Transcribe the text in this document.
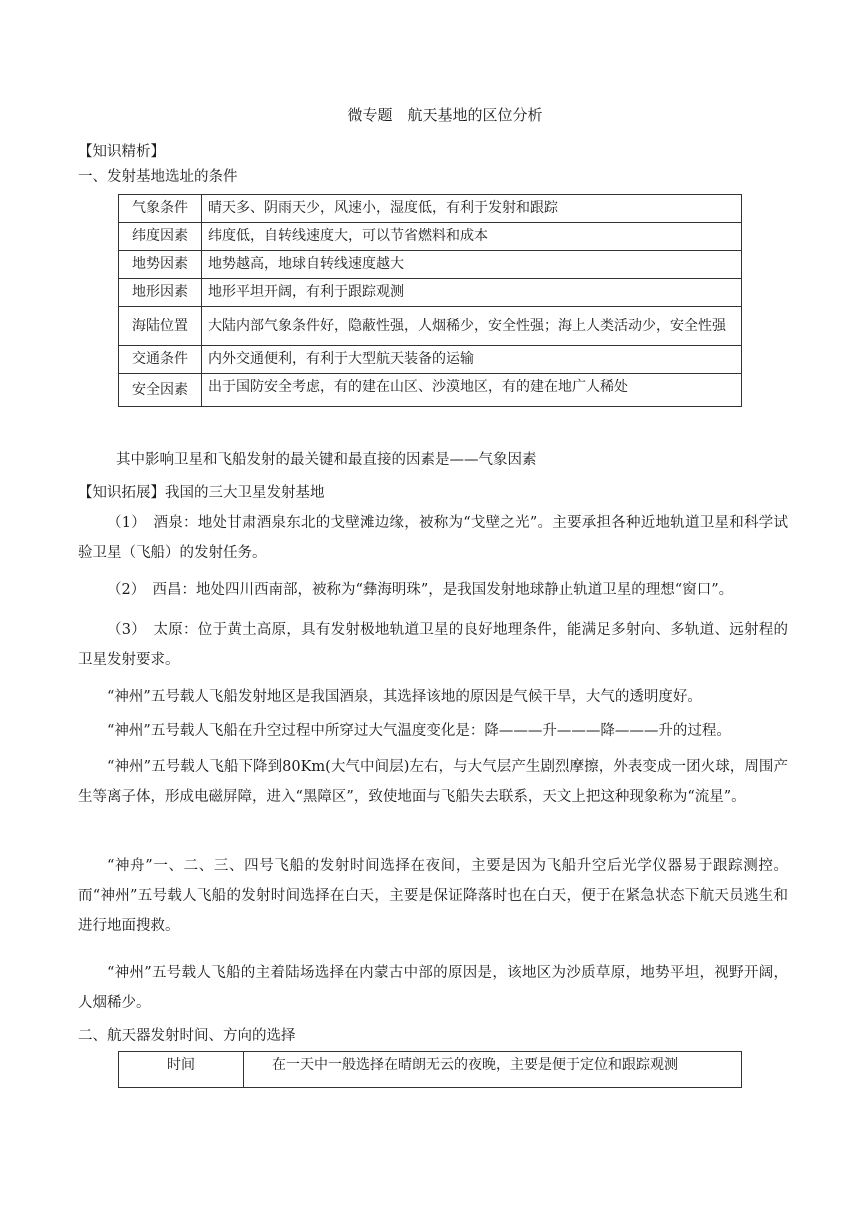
微专题　航天基地的区位分析
【知识精析】
一、发射基地选址的条件
气象条件	晴天多、阴雨天少，风速小，湿度低，有利于发射和跟踪
纬度因素	纬度低，自转线速度大，可以节省燃料和成本
地势因素	地势越高，地球自转线速度越大
地形因素	地形平坦开阔，有利于跟踪观测
海陆位置	大陆内部气象条件好，隐蔽性强，人烟稀少，安全性强；海上人类活动少，安全性强
交通条件	内外交通便利，有利于大型航天装备的运输
安全因素	出于国防安全考虑，有的建在山区、沙漠地区，有的建在地广人稀处
其中影响卫星和飞船发射的最关键和最直接的因素是——气象因素
【知识拓展】我国的三大卫星发射基地
（1）　酒泉：地处甘肃酒泉东北的戈壁滩边缘，被称为“戈壁之光”。主要承担各种近地轨道卫星和科学试验卫星（飞船）的发射任务。
（2）　西昌：地处四川西南部，被称为“彝海明珠”，是我国发射地球静止轨道卫星的理想“窗口”。
（3）　太原：位于黄土高原，具有发射极地轨道卫星的良好地理条件，能满足多射向、多轨道、远射程的卫星发射要求。
“神州”五号载人飞船发射地区是我国酒泉，其选择该地的原因是气候干旱，大气的透明度好。
“神州”五号载人飞船在升空过程中所穿过大气温度变化是：降———升———降———升的过程。
“神州”五号载人飞船下降到80Km(大气中间层)左右，与大气层产生剧烈摩擦，外表变成一团火球，周围产生等离子体，形成电磁屏障，进入“黑障区”，致使地面与飞船失去联系，天文上把这种现象称为“流星”。
“神舟”一、二、三、四号飞船的发射时间选择在夜间，主要是因为飞船升空后光学仪器易于跟踪测控。而“神州”五号载人飞船的发射时间选择在白天，主要是保证降落时也在白天，便于在紧急状态下航天员逃生和进行地面搜救。
“神州”五号载人飞船的主着陆场选择在内蒙古中部的原因是，该地区为沙质草原，地势平坦，视野开阔，人烟稀少。
二、航天器发射时间、方向的选择
时间	在一天中一般选择在晴朗无云的夜晚，主要是便于定位和跟踪观测
